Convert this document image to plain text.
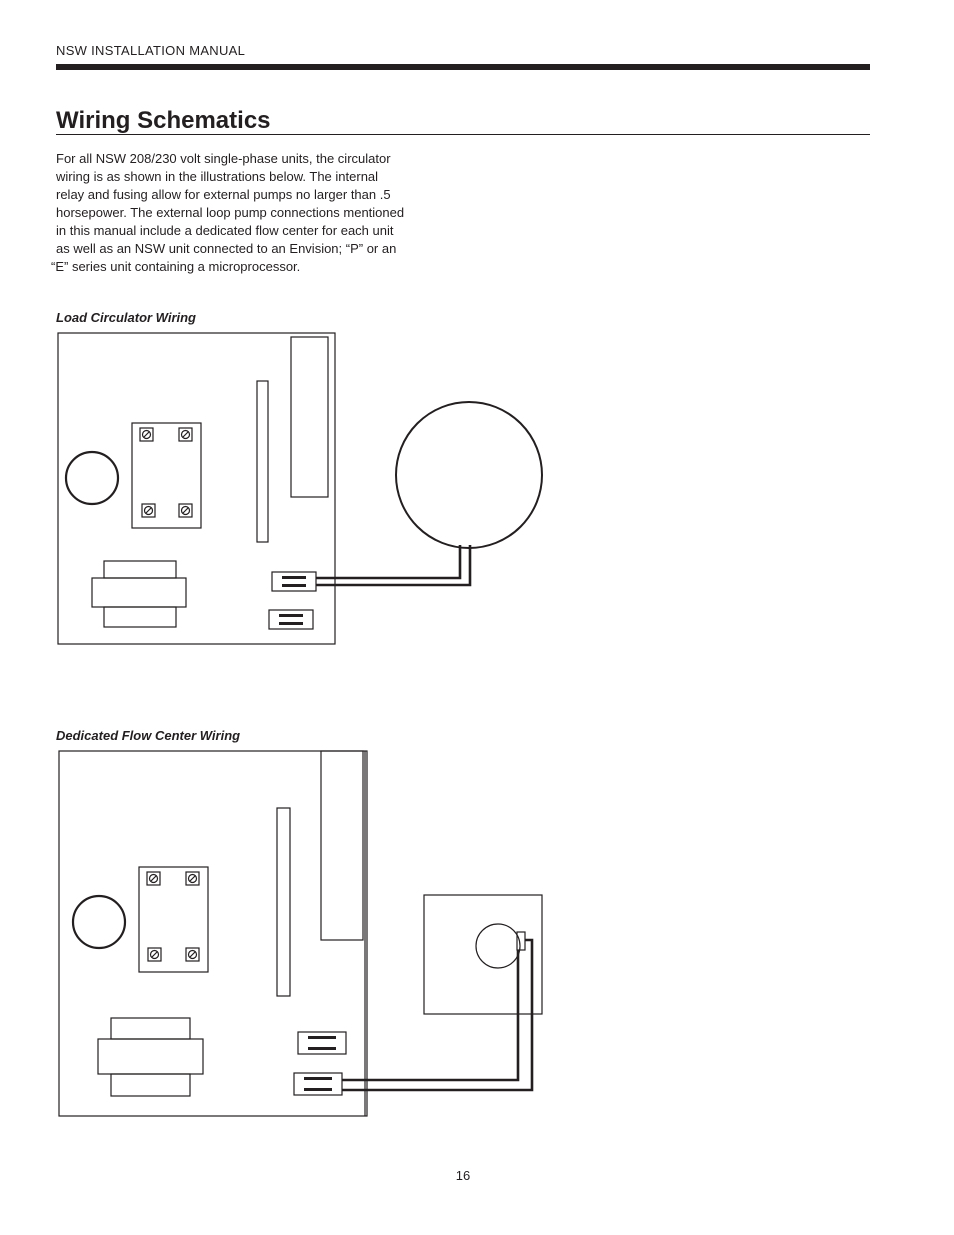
NSW INSTALLATION MANUAL
Wiring Schematics
For all NSW 208/230 volt single-phase units, the circulator
wiring is as shown in the illustrations below. The internal
relay and fusing allow for external pumps no larger than .5
horsepower. The external loop pump connections mentioned
in this manual include a dedicated flow center for each unit
as well as an NSW unit connected to an Envision; “P” or an
“E” series unit containing a microprocessor.
Load Circulator Wiring
Dedicated Flow Center Wiring
16
